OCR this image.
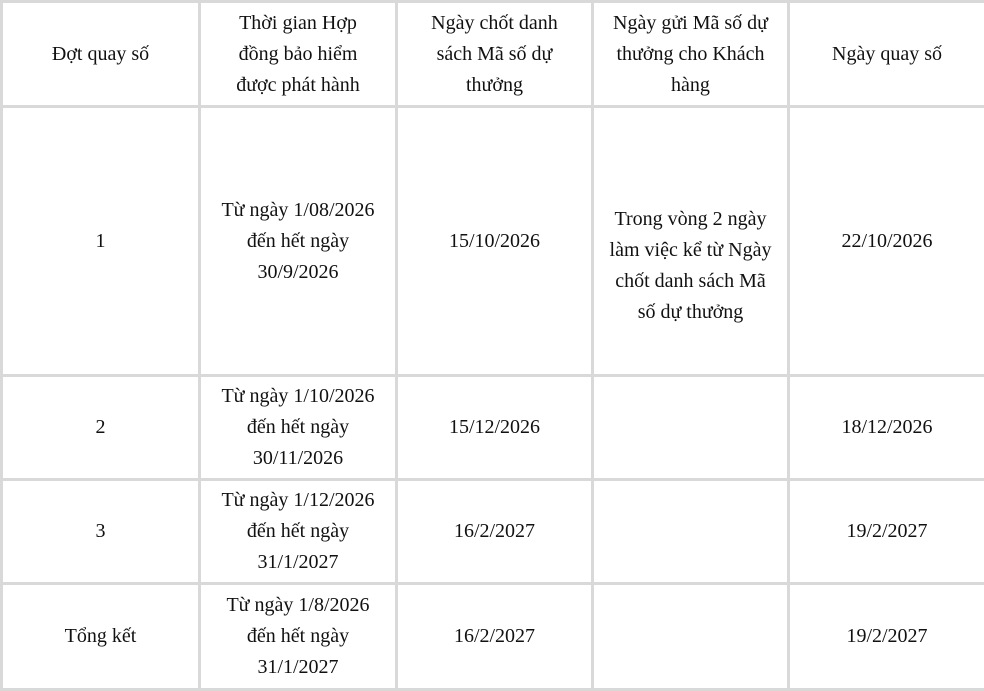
Đợt quay số	Thời gian Hợp đồng bảo hiểm được phát hành	Ngày chốt danh sách Mã số dự thưởng	Ngày gửi Mã số dự thưởng cho Khách hàng	Ngày quay số
1	Từ ngày 1/08/2026 đến hết ngày 30/9/2026	15/10/2026	Trong vòng 2 ngày làm việc kể từ Ngày chốt danh sách Mã số dự thưởng	22/10/2026
2	Từ ngày 1/10/2026 đến hết ngày 30/11/2026	15/12/2026		18/12/2026
3	Từ ngày 1/12/2026 đến hết ngày 31/1/2027	16/2/2027		19/2/2027
Tổng kết	Từ ngày 1/8/2026 đến hết ngày 31/1/2027	16/2/2027		19/2/2027
